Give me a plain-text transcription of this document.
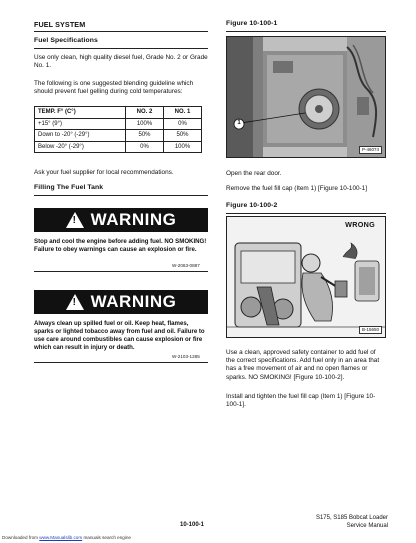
FUEL SYSTEM
Fuel Specifications
Use only clean, high quality diesel fuel, Grade No. 2 or Grade No. 1.
The following is one suggested blending guideline which should prevent fuel gelling during cold temperatures:
TEMP. F° (C°)	NO. 2	NO. 1
+15° (9°)	100%	0%
Down to -20° (-29°)	50%	50%
Below -20° (-29°)	0%	100%
Ask your fuel supplier for local recommendations.
Filling The Fuel Tank
! WARNING
Stop and cool the engine before adding fuel. NO SMOKING! Failure to obey warnings can cause an explosion or fire.
W-2063-0887
! WARNING
Always clean up spilled fuel or oil. Keep heat, flames, sparks or lighted tobacco away from fuel and oil. Failure to use care around combustibles can cause explosion or fire which can result in injury or death.
W-2103-1285
Figure 10-100-1
1
P-46074
Open the rear door.
Remove the fuel fill cap (Item 1) [Figure 10-100-1]
Figure 10-100-2
WRONG
B-15650
Use a clean, approved safety container to add fuel of the correct specifications. Add fuel only in an area that has a free movement of air and no open flames or sparks. NO SMOKING! [Figure 10-100-2].
Install and tighten the fuel fill cap (Item 1) [Figure 10-100-1].
10-100-1
S175, S185 Bobcat Loader
Service Manual
Downloaded from www.Manualslib.com manuals search engine
